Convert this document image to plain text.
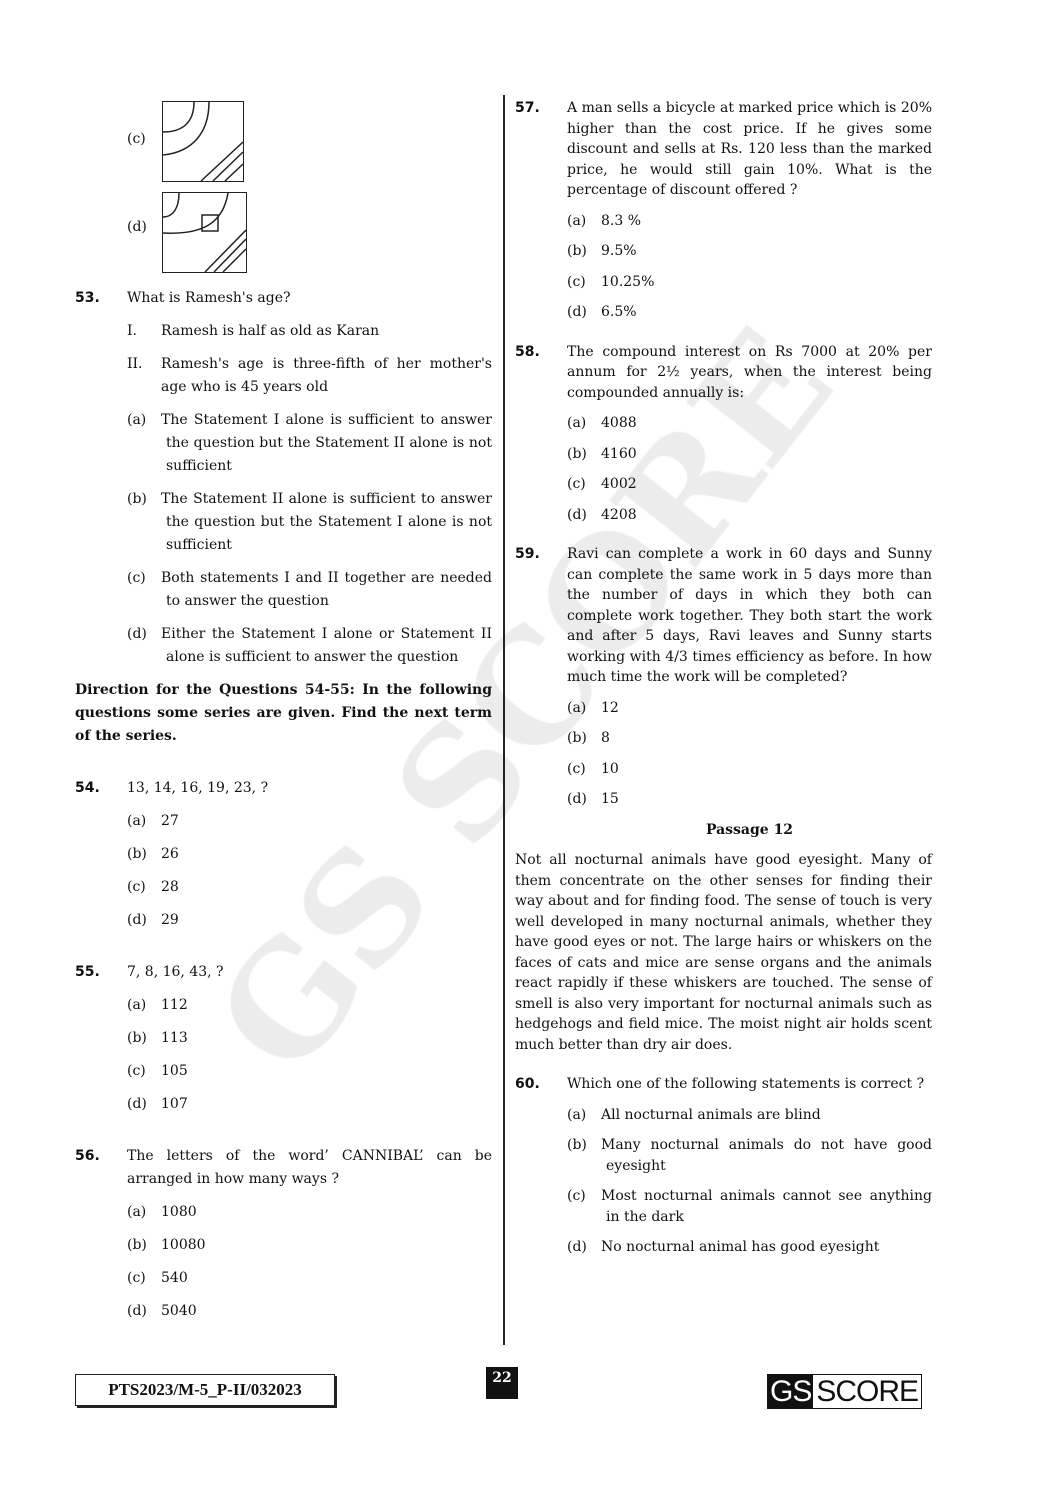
(c)
(d)
53. What is Ramesh's age?
I. Ramesh is half as old as Karan
II. Ramesh's age is three-fifth of her mother's age who is 45 years old
(a) The Statement I alone is sufficient to answer the question but the Statement II alone is not sufficient
(b) The Statement II alone is sufficient to answer the question but the Statement I alone is not sufficient
(c) Both statements I and II together are needed to answer the question
(d) Either the Statement I alone or Statement II alone is sufficient to answer the question
Direction for the Questions 54-55: In the following questions some series are given. Find the next term of the series.
54. 13, 14, 16, 19, 23, ?
(a) 27
(b) 26
(c) 28
(d) 29
55. 7, 8, 16, 43, ?
(a) 112
(b) 113
(c) 105
(d) 107
56. The letters of the word’ CANNIBAL’ can be arranged in how many ways ?
(a) 1080
(b) 10080
(c) 540
(d) 5040
57. A man sells a bicycle at marked price which is 20% higher than the cost price. If he gives some discount and sells at Rs. 120 less than the marked price, he would still gain 10%. What is the percentage of discount offered ?
(a) 8.3 %
(b) 9.5%
(c) 10.25%
(d) 6.5%
58. The compound interest on Rs 7000 at 20% per annum for 2½ years, when the interest being compounded annually is:
(a) 4088
(b) 4160
(c) 4002
(d) 4208
59. Ravi can complete a work in 60 days and Sunny can complete the same work in 5 days more than the number of days in which they both can complete work together. They both start the work and after 5 days, Ravi leaves and Sunny starts working with 4/3 times efficiency as before. In how much time the work will be completed?
(a) 12
(b) 8
(c) 10
(d) 15
Passage 12
Not all nocturnal animals have good eyesight. Many of them concentrate on the other senses for finding their way about and for finding food. The sense of touch is very well developed in many nocturnal animals, whether they have good eyes or not. The large hairs or whiskers on the faces of cats and mice are sense organs and the animals react rapidly if these whiskers are touched. The sense of smell is also very important for nocturnal animals such as hedgehogs and field mice. The moist night air holds scent much better than dry air does.
60. Which one of the following statements is correct ?
(a) All nocturnal animals are blind
(b) Many nocturnal animals do not have good eyesight
(c) Most nocturnal animals cannot see anything in the dark
(d) No nocturnal animal has good eyesight
PTS2023/M-5_P-II/032023
22	GS SCORE
